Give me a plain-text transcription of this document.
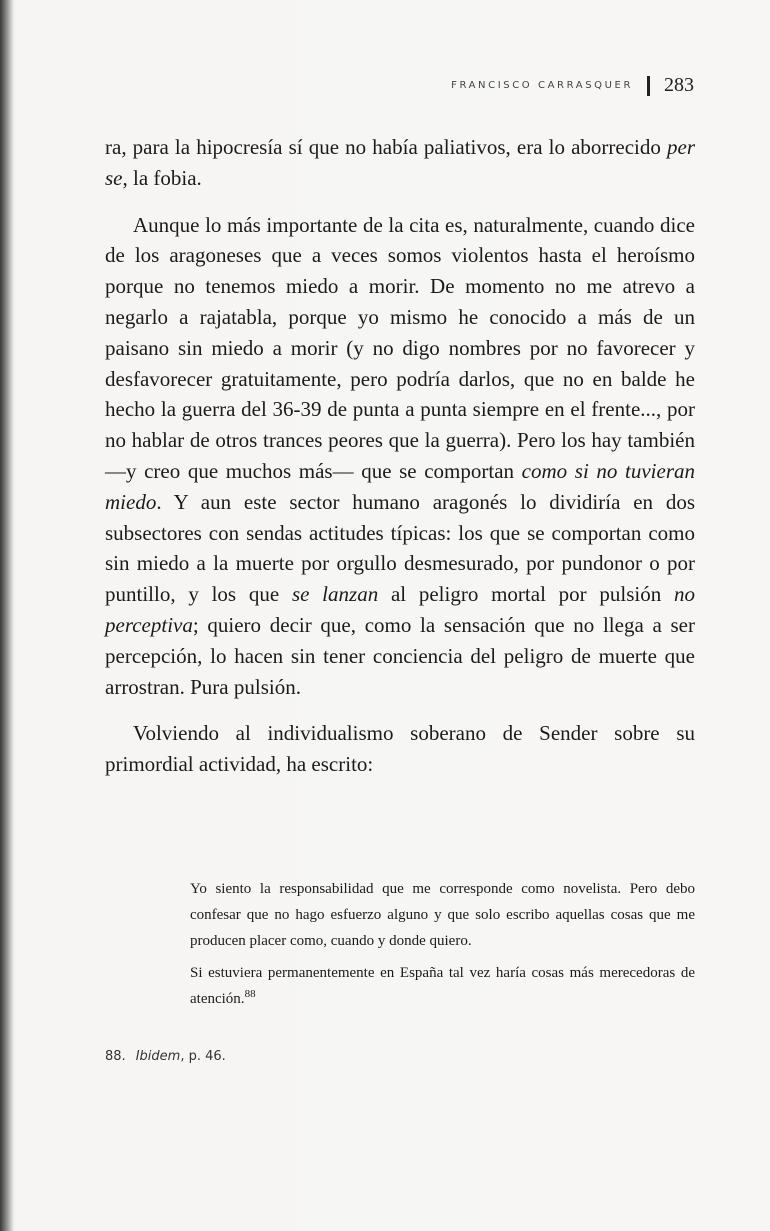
FRANCISCO CARRASQUER 283

ra, para la hipocresía sí que no había paliativos, era lo aborrecido per se, la fobia.

Aunque lo más importante de la cita es, naturalmente, cuando dice de los aragoneses que a veces somos violentos hasta el heroísmo porque no tenemos miedo a morir. De momento no me atrevo a negarlo a rajatabla, porque yo mismo he conocido a más de un paisano sin miedo a morir (y no digo nombres por no favorecer y desfavorecer gratuitamente, pero podría darlos, que no en balde he hecho la guerra del 36-39 de punta a punta siempre en el frente..., por no hablar de otros trances peores que la guerra). Pero los hay también —y creo que muchos más— que se comportan como si no tuvieran miedo. Y aun este sector humano aragonés lo dividiría en dos subsectores con sendas actitudes típicas: los que se comportan como sin miedo a la muerte por orgullo desmesurado, por pundonor o por puntillo, y los que se lanzan al peligro mortal por pulsión no perceptiva; quiero decir que, como la sensación que no llega a ser percepción, lo hacen sin tener conciencia del peligro de muerte que arrostran. Pura pulsión.

Volviendo al individualismo soberano de Sender sobre su primordial actividad, ha escrito:

Yo siento la responsabilidad que me corresponde como novelista. Pero debo confesar que no hago esfuerzo alguno y que solo escribo aquellas cosas que me producen placer como, cuando y donde quiero.

Si estuviera permanentemente en España tal vez haría cosas más merecedoras de atención.$^{88}$

88. Ibidem, p. 46.
